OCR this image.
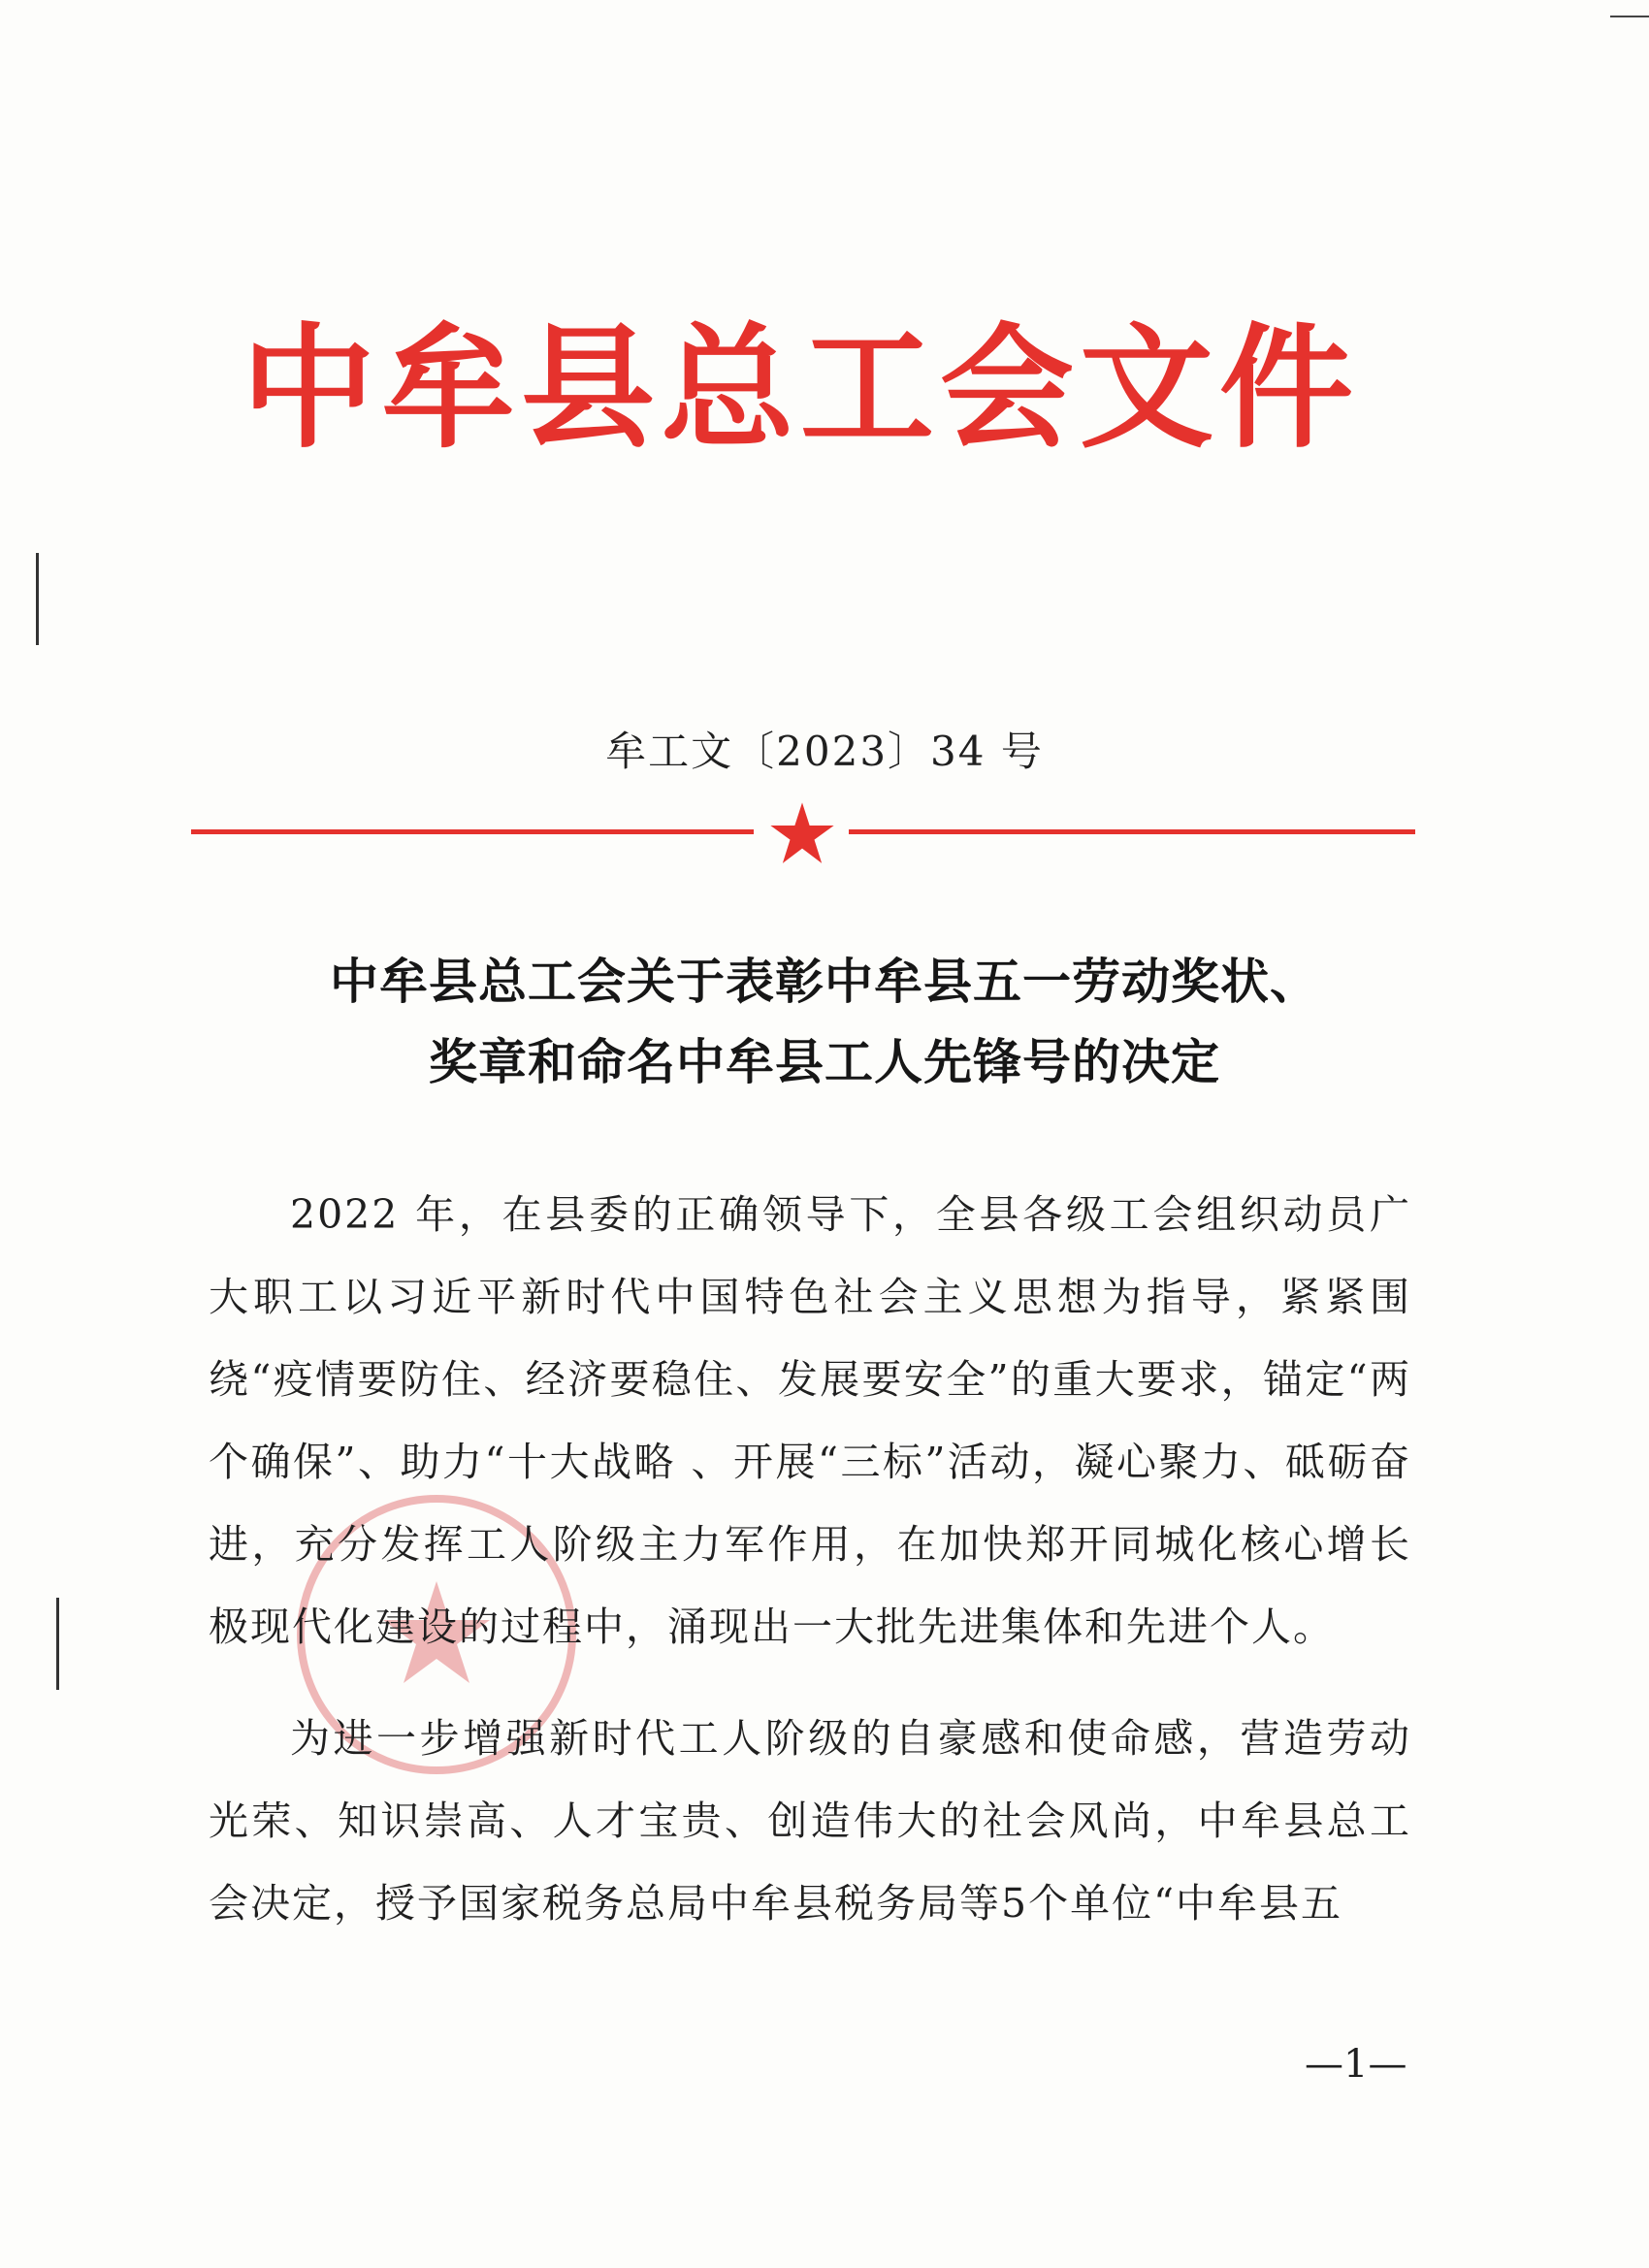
中牟县总工会文件
牟工文〔2023〕34 号
中牟县总工会关于表彰中牟县五一劳动奖状、
奖章和命名中牟县工人先锋号的决定
2022 年，在县委的正确领导下，全县各级工会组织动员广大职工以习近平新时代中国特色社会主义思想为指导，紧紧围绕“疫情要防住、经济要稳住、发展要安全”的重大要求，锚定“两个确保”、助力“十大战略 、开展“三标”活动，凝心聚力、砥砺奋进，充分发挥工人阶级主力军作用，在加快郑开同城化核心增长极现代化建设的过程中，涌现出一大批先进集体和先进个人。
为进一步增强新时代工人阶级的自豪感和使命感，营造劳动光荣、知识崇高、人才宝贵、创造伟大的社会风尚，中牟县总工会决定，授予国家税务总局中牟县税务局等5个单位“中牟县五
—1—
